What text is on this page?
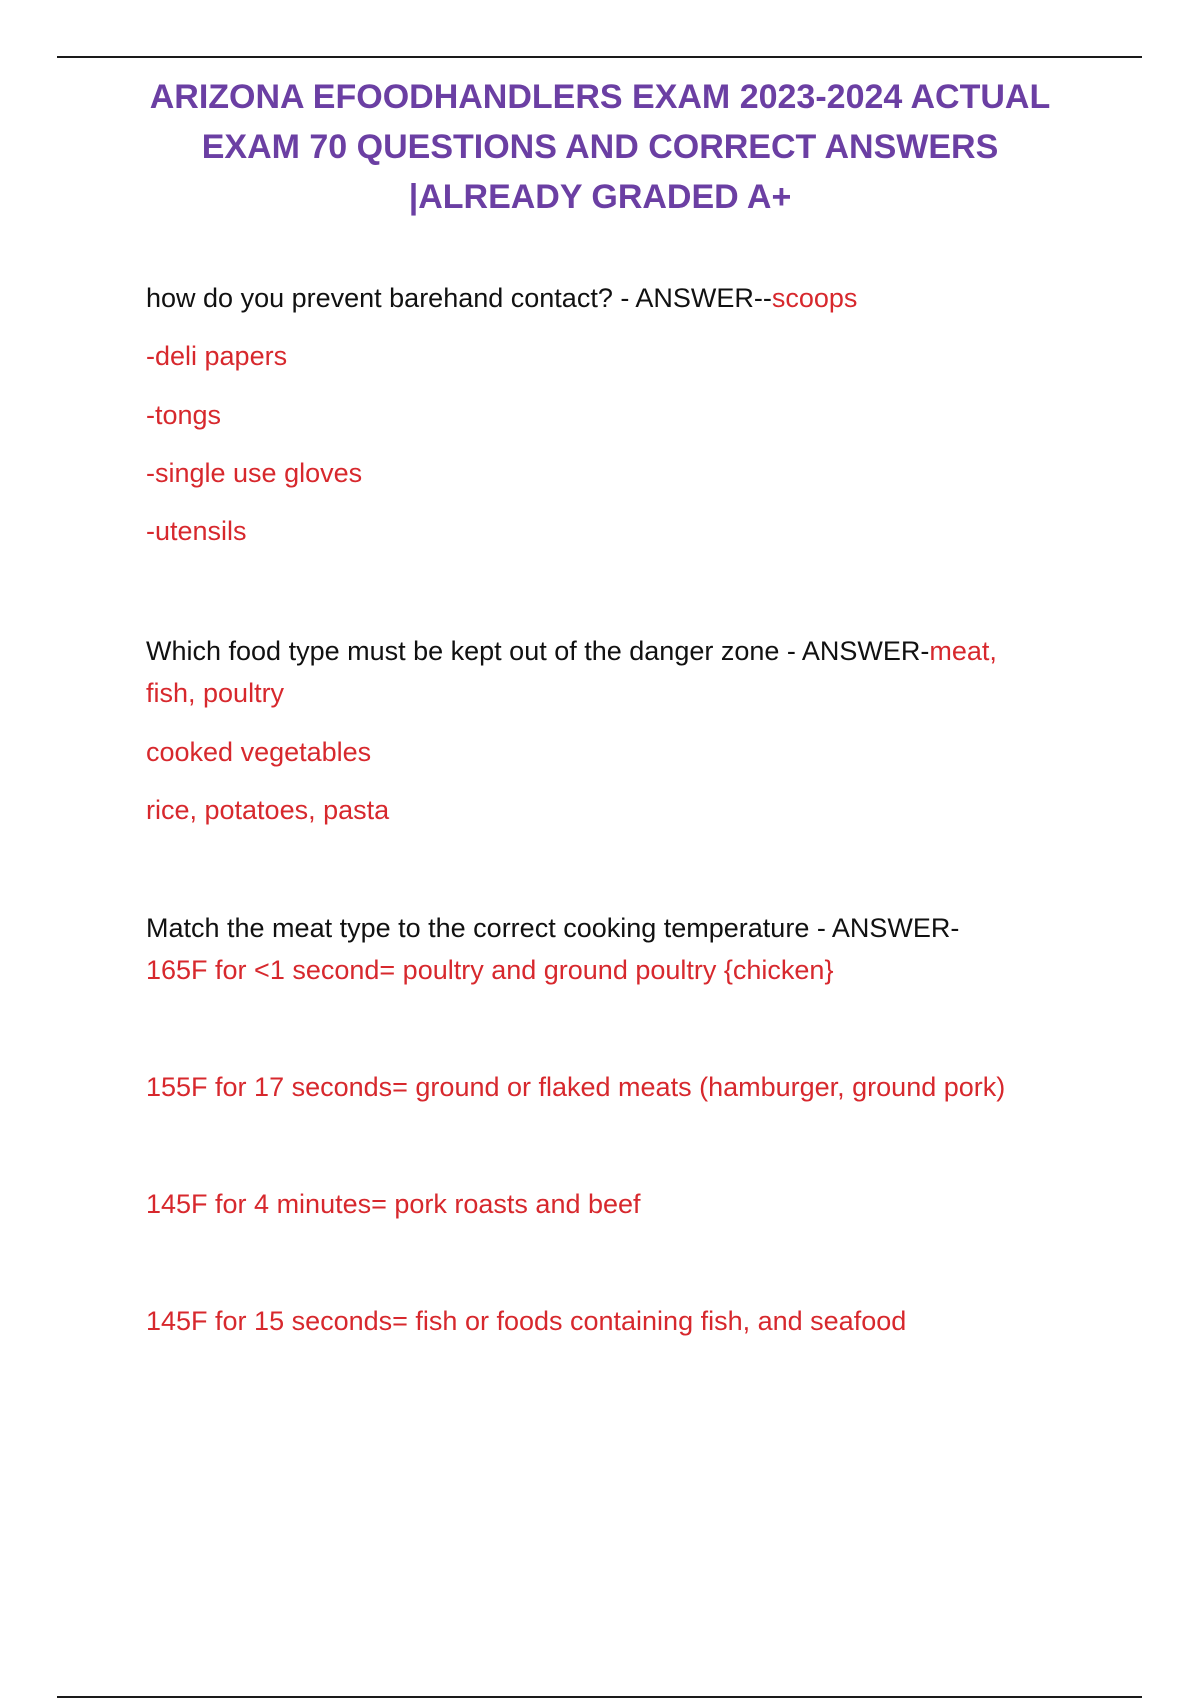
ARIZONA EFOODHANDLERS EXAM 2023-2024 ACTUAL
EXAM 70 QUESTIONS AND CORRECT ANSWERS
|ALREADY GRADED A+
how do you prevent barehand contact? - ANSWER--scoops
-deli papers
-tongs
-single use gloves
-utensils
Which food type must be kept out of the danger zone - ANSWER-meat,
fish, poultry
cooked vegetables
rice, potatoes, pasta
Match the meat type to the correct cooking temperature - ANSWER-
165F for <1 second= poultry and ground poultry {chicken}
155F for 17 seconds= ground or flaked meats (hamburger, ground pork)
145F for 4 minutes= pork roasts and beef
145F for 15 seconds= fish or foods containing fish, and seafood
